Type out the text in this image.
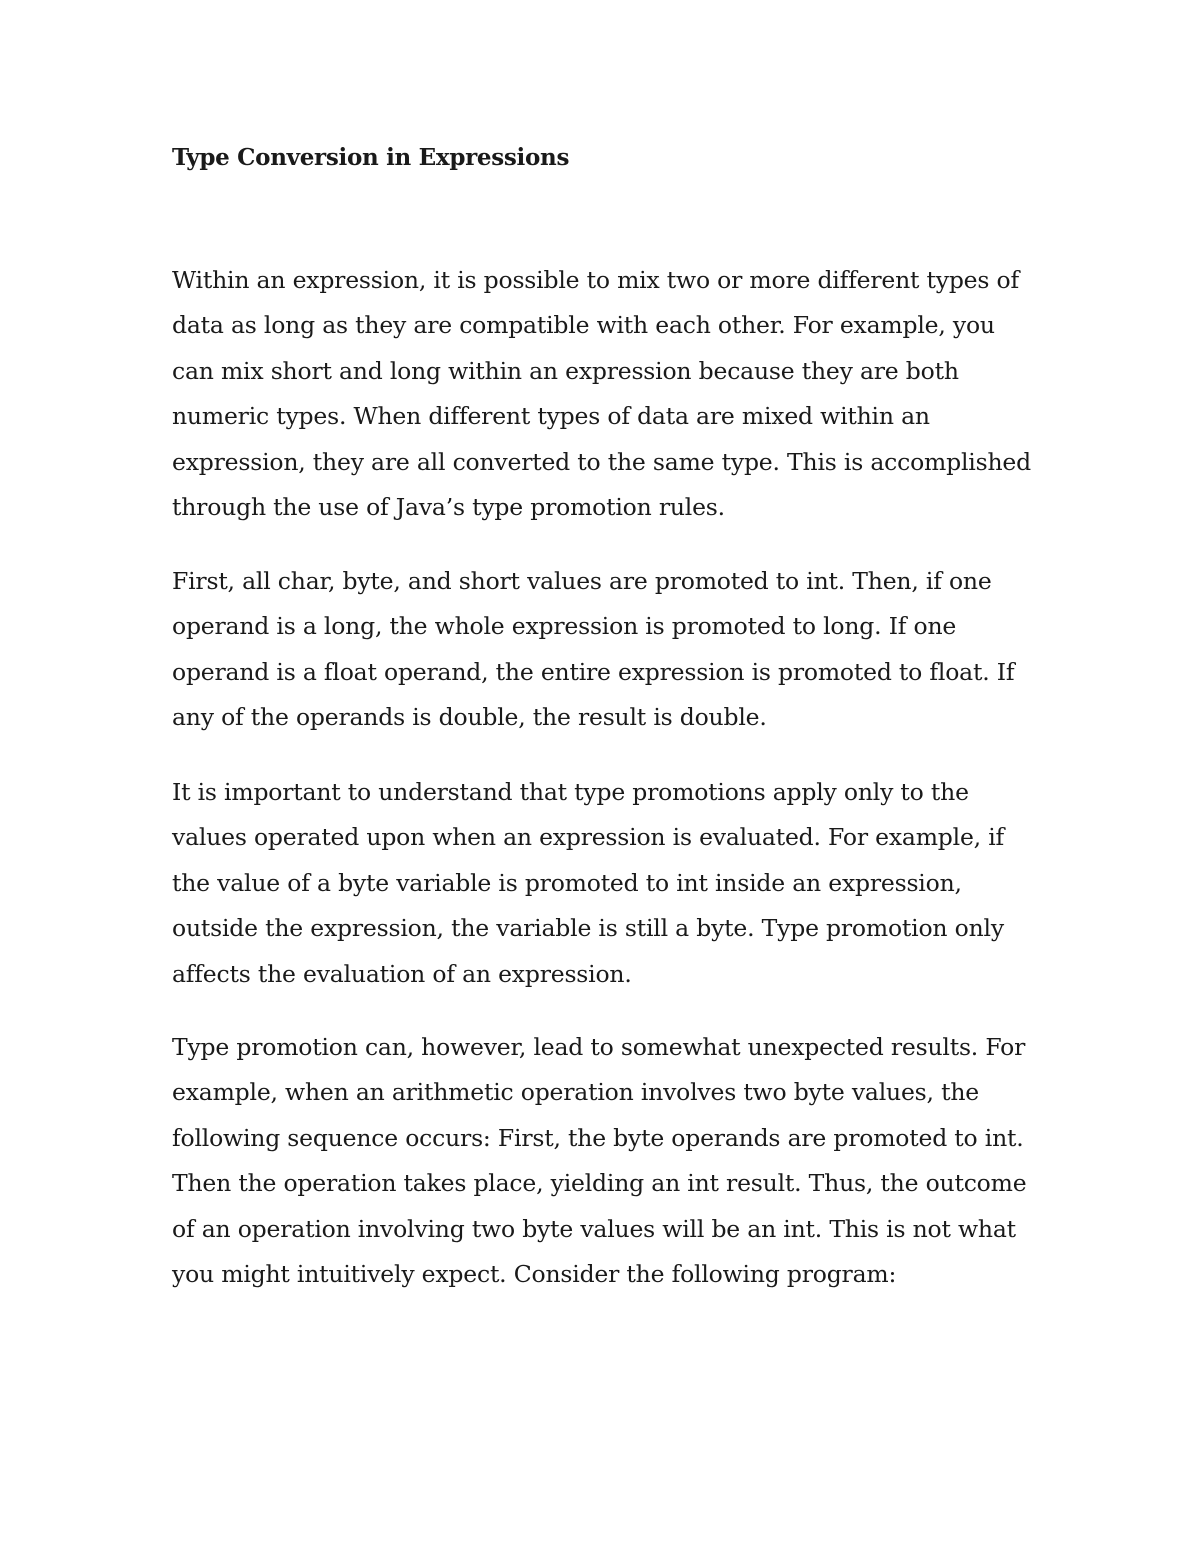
Type Conversion in Expressions

Within an expression, it is possible to mix two or more different types of
data as long as they are compatible with each other. For example, you
can mix short and long within an expression because they are both
numeric types. When different types of data are mixed within an
expression, they are all converted to the same type. This is accomplished
through the use of Java’s type promotion rules.

First, all char, byte, and short values are promoted to int. Then, if one
operand is a long, the whole expression is promoted to long. If one
operand is a float operand, the entire expression is promoted to float. If
any of the operands is double, the result is double.

It is important to understand that type promotions apply only to the
values operated upon when an expression is evaluated. For example, if
the value of a byte variable is promoted to int inside an expression,
outside the expression, the variable is still a byte. Type promotion only
affects the evaluation of an expression.

Type promotion can, however, lead to somewhat unexpected results. For
example, when an arithmetic operation involves two byte values, the
following sequence occurs: First, the byte operands are promoted to int.
Then the operation takes place, yielding an int result. Thus, the outcome
of an operation involving two byte values will be an int. This is not what
you might intuitively expect. Consider the following program:
